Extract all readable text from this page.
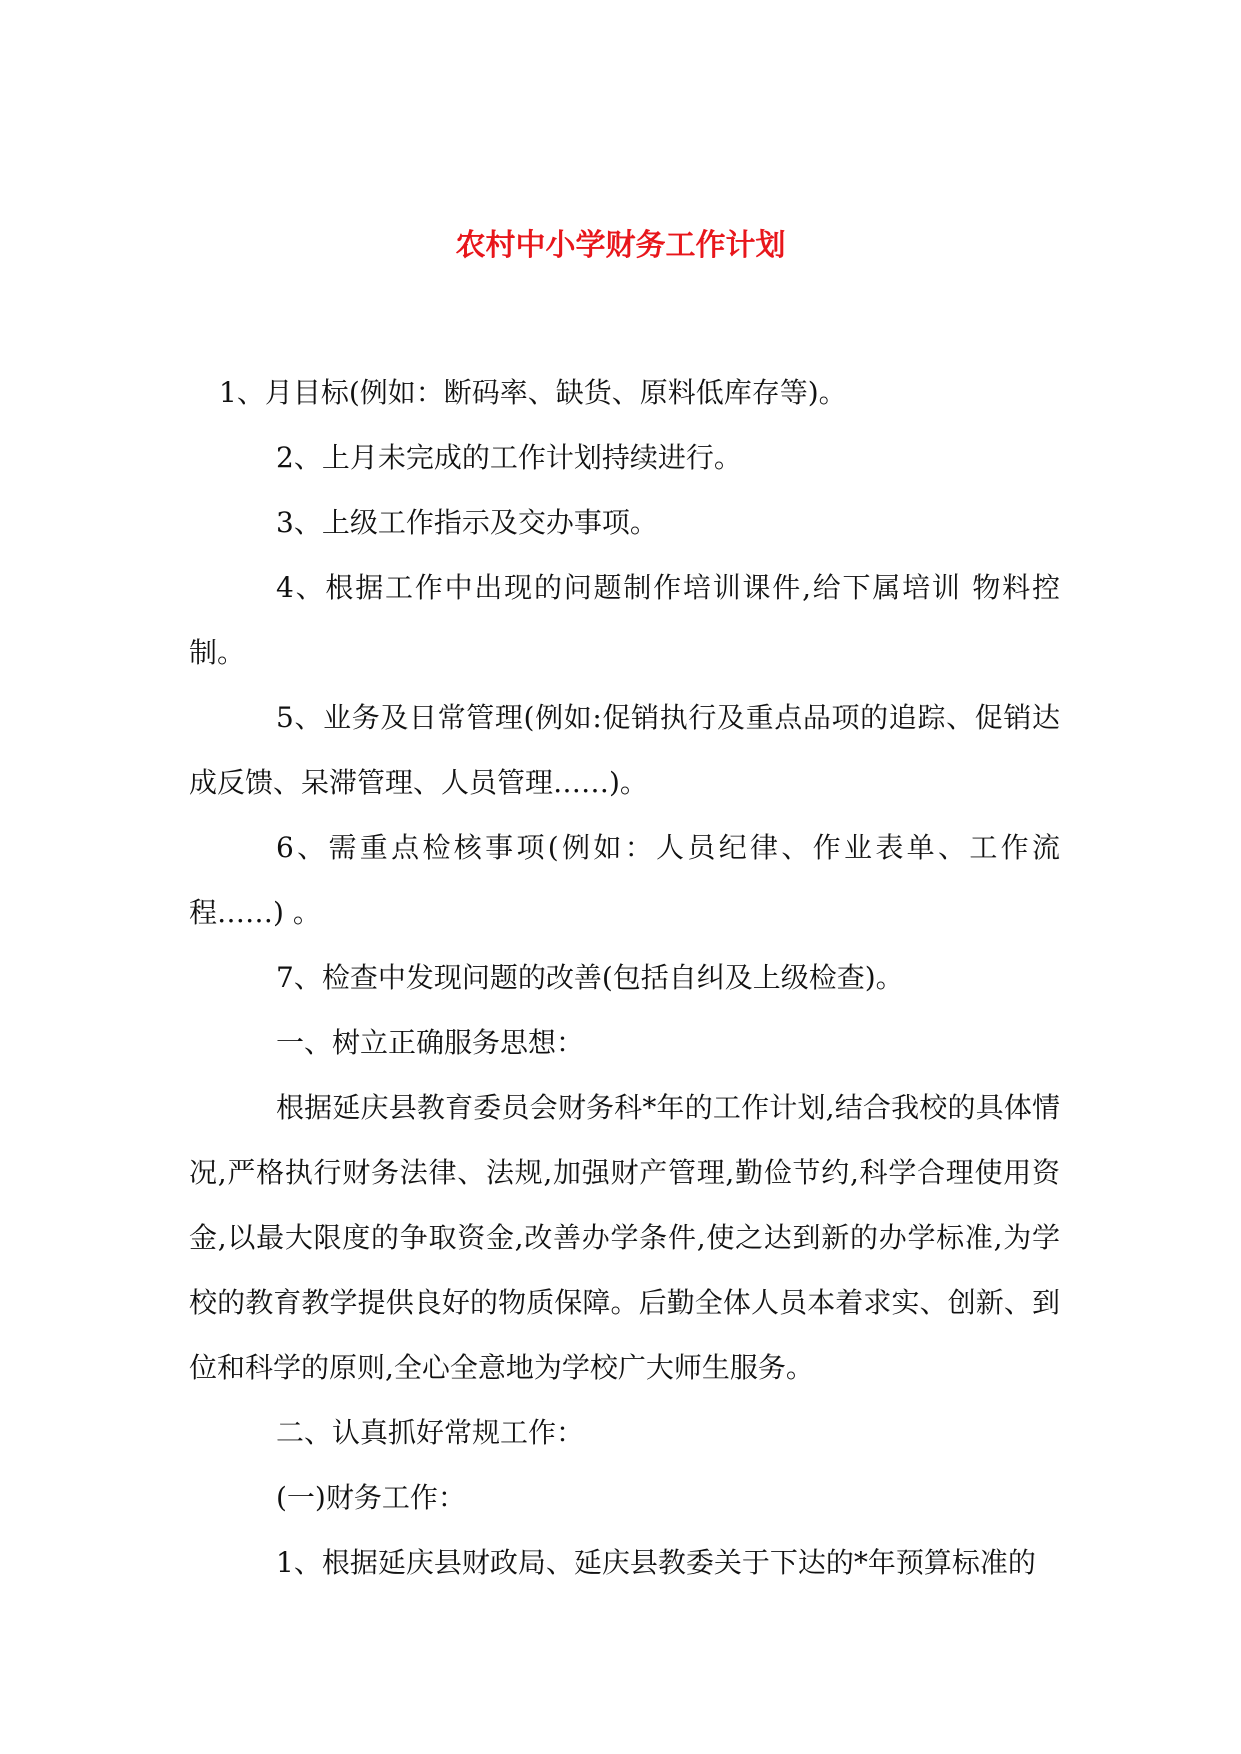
农村中小学财务工作计划

1、月目标(例如：断码率、缺货、原料低库存等)。

2、上月未完成的工作计划持续进行。

3、上级工作指示及交办事项。

4、根据工作中出现的问题制作培训课件,给下属培训 物料控制。

5、业务及日常管理(例如:促销执行及重点品项的追踪、促销达成反馈、呆滞管理、人员管理……)。

6、需重点检核事项(例如：人员纪律、作业表单、工作流程……) 。

7、检查中发现问题的改善(包括自纠及上级检查)。

一、树立正确服务思想：

根据延庆县教育委员会财务科*年的工作计划,结合我校的具体情况,严格执行财务法律、法规,加强财产管理,勤俭节约,科学合理使用资金,以最大限度的争取资金,改善办学条件,使之达到新的办学标准,为学校的教育教学提供良好的物质保障。后勤全体人员本着求实、创新、到位和科学的原则,全心全意地为学校广大师生服务。

二、认真抓好常规工作：

(一)财务工作：

1、根据延庆县财政局、延庆县教委关于下达的*年预算标准的
